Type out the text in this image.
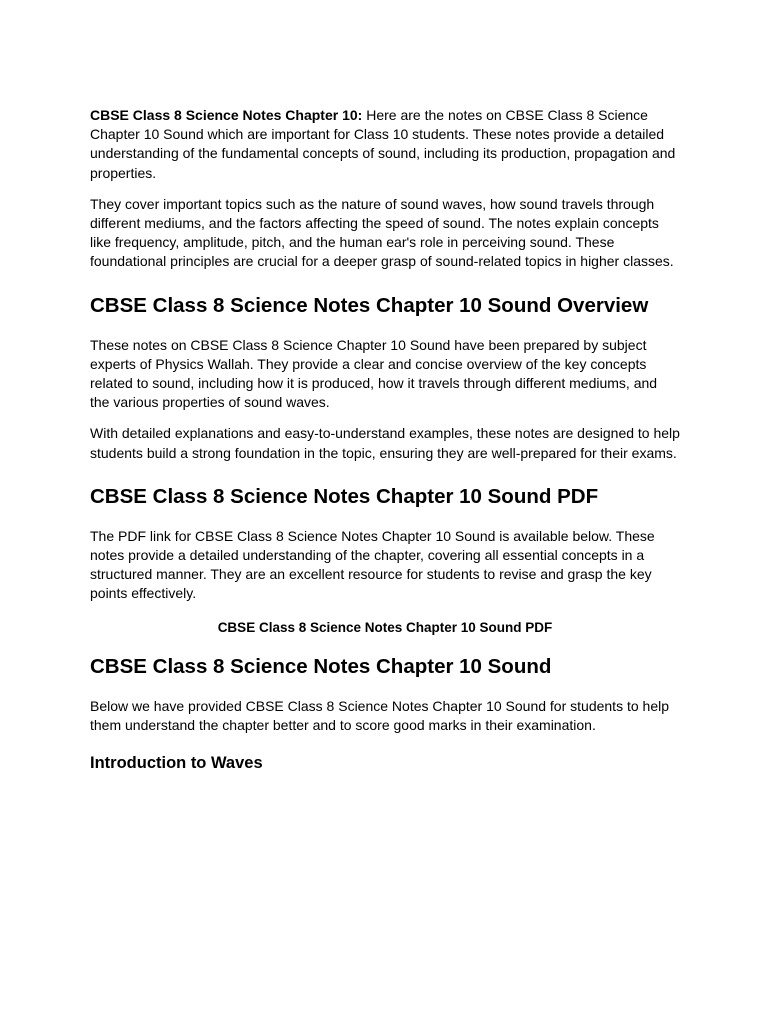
CBSE Class 8 Science Notes Chapter 10: Here are the notes on CBSE Class 8 Science Chapter 10 Sound which are important for Class 10 students. These notes provide a detailed understanding of the fundamental concepts of sound, including its production, propagation and properties.

They cover important topics such as the nature of sound waves, how sound travels through different mediums, and the factors affecting the speed of sound. The notes explain concepts like frequency, amplitude, pitch, and the human ear's role in perceiving sound. These foundational principles are crucial for a deeper grasp of sound-related topics in higher classes.

CBSE Class 8 Science Notes Chapter 10 Sound Overview

These notes on CBSE Class 8 Science Chapter 10 Sound have been prepared by subject experts of Physics Wallah. They provide a clear and concise overview of the key concepts related to sound, including how it is produced, how it travels through different mediums, and the various properties of sound waves.

With detailed explanations and easy-to-understand examples, these notes are designed to help students build a strong foundation in the topic, ensuring they are well-prepared for their exams.

CBSE Class 8 Science Notes Chapter 10 Sound PDF

The PDF link for CBSE Class 8 Science Notes Chapter 10 Sound is available below. These notes provide a detailed understanding of the chapter, covering all essential concepts in a structured manner. They are an excellent resource for students to revise and grasp the key points effectively.

CBSE Class 8 Science Notes Chapter 10 Sound PDF
CBSE Class 8 Science Notes Chapter 10 Sound

Below we have provided CBSE Class 8 Science Notes Chapter 10 Sound for students to help them understand the chapter better and to score good marks in their examination.

Introduction to Waves
